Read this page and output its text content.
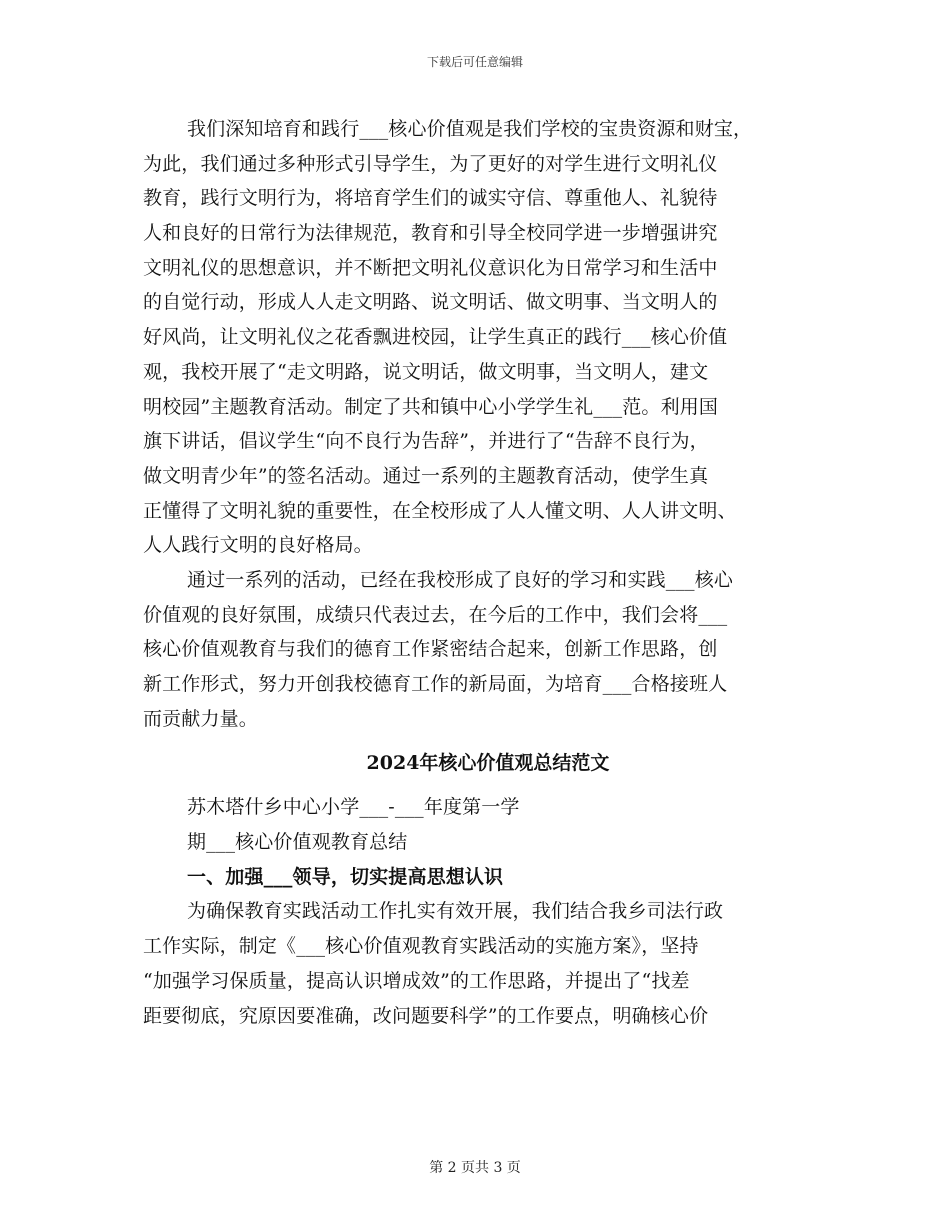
下载后可任意编辑
我们深知培育和践行___核心价值观是我们学校的宝贵资源和财宝，
为此，我们通过多种形式引导学生，为了更好的对学生进行文明礼仪
教育，践行文明行为，将培育学生们的诚实守信、尊重他人、礼貌待
人和良好的日常行为法律规范，教育和引导全校同学进一步增强讲究
文明礼仪的思想意识，并不断把文明礼仪意识化为日常学习和生活中
的自觉行动，形成人人走文明路、说文明话、做文明事、当文明人的
好风尚，让文明礼仪之花香飘进校园，让学生真正的践行___核心价值
观，我校开展了“走文明路，说文明话，做文明事，当文明人，建文
明校园”主题教育活动。制定了共和镇中心小学学生礼___范。利用国
旗下讲话，倡议学生“向不良行为告辞”，并进行了“告辞不良行为，
做文明青少年”的签名活动。通过一系列的主题教育活动，使学生真
正懂得了文明礼貌的重要性，在全校形成了人人懂文明、人人讲文明、
人人践行文明的良好格局。
通过一系列的活动，已经在我校形成了良好的学习和实践___核心
价值观的良好氛围，成绩只代表过去，在今后的工作中，我们会将___
核心价值观教育与我们的德育工作紧密结合起来，创新工作思路，创
新工作形式，努力开创我校德育工作的新局面，为培育___合格接班人
而贡献力量。
2024年核心价值观总结范文
苏木塔什乡中心小学___-___年度第一学
期___核心价值观教育总结
一、加强___领导，切实提高思想认识
为确保教育实践活动工作扎实有效开展，我们结合我乡司法行政
工作实际，制定《___核心价值观教育实践活动的实施方案》，坚持
“加强学习保质量，提高认识增成效”的工作思路，并提出了“找差
距要彻底，究原因要准确，改问题要科学”的工作要点，明确核心价
第 2 页共 3 页
